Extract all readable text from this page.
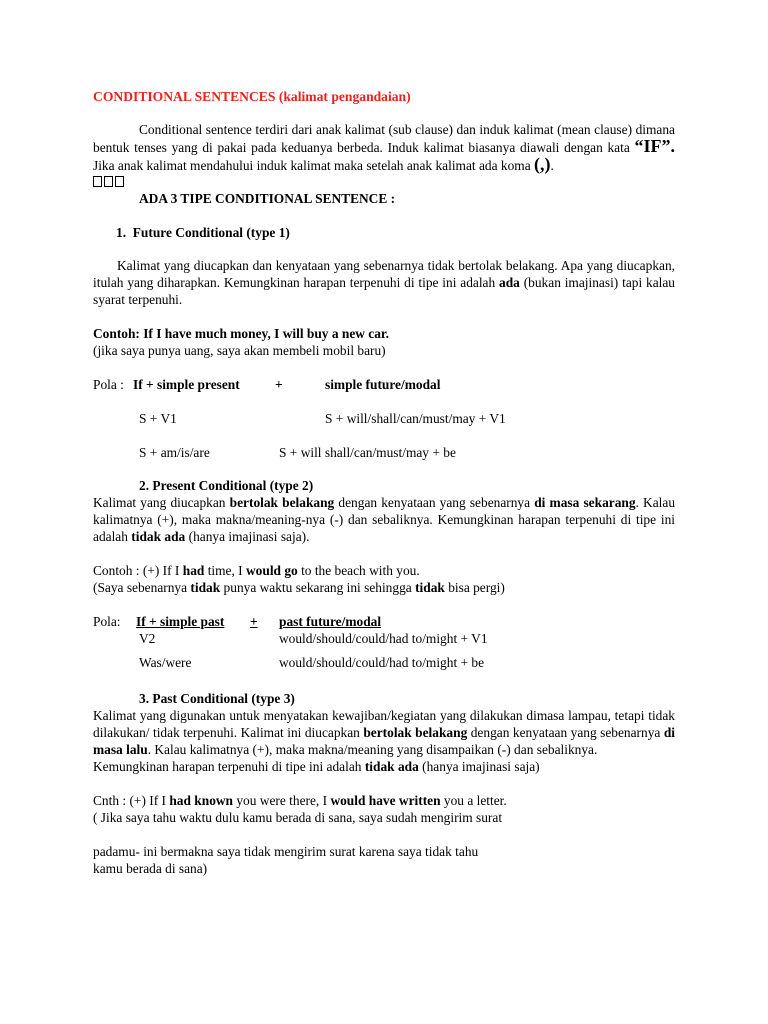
CONDITIONAL SENTENCES (kalimat pengandaian)

Conditional sentence terdiri dari anak kalimat (sub clause) dan induk kalimat (mean clause) dimana bentuk tenses yang di pakai pada keduanya berbeda. Induk kalimat biasanya diawali dengan kata “IF”. Jika anak kalimat mendahului induk kalimat maka setelah anak kalimat ada koma (,).

ADA 3 TIPE CONDITIONAL SENTENCE :

1. Future Conditional (type 1)

Kalimat yang diucapkan dan kenyataan yang sebenarnya tidak bertolak belakang. Apa yang diucapkan, itulah yang diharapkan. Kemungkinan harapan terpenuhi di tipe ini adalah ada (bukan imajinasi) tapi kalau syarat terpenuhi.

Contoh: If I have much money, I will buy a new car.

(jika saya punya uang, saya akan membeli mobil baru)

Pola : If + simple present	+	simple future/modal
S + V1	S + will/shall/can/must/may + V1
S + am/is/are	S + will shall/can/must/may + be

2. Present Conditional (type 2)

Kalimat yang diucapkan bertolak belakang dengan kenyataan yang sebenarnya di masa sekarang. Kalau kalimatnya (+), maka makna/meaning-nya (-) dan sebaliknya. Kemungkinan harapan terpenuhi di tipe ini adalah tidak ada (hanya imajinasi saja).

Contoh : (+) If I had time, I would go to the beach with you.

(Saya sebenarnya tidak punya waktu sekarang ini sehingga tidak bisa pergi)

Pola: If + simple past + past future/modal
V2	would/should/could/had to/might + V1
Was/were	would/should/could/had to/might + be

3. Past Conditional (type 3)

Kalimat yang digunakan untuk menyatakan kewajiban/kegiatan yang dilakukan dimasa lampau, tetapi tidak dilakukan/ tidak terpenuhi. Kalimat ini diucapkan bertolak belakang dengan kenyataan yang sebenarnya di masa lalu. Kalau kalimatnya (+), maka makna/meaning yang disampaikan (-) dan sebaliknya.

Kemungkinan harapan terpenuhi di tipe ini adalah tidak ada (hanya imajinasi saja)

Cnth : (+) If I had known you were there, I would have written you a letter.

( Jika saya tahu waktu dulu kamu berada di sana, saya sudah mengirim surat

padamu- ini bermakna saya tidak mengirim surat karena saya tidak tahu

kamu berada di sana)
